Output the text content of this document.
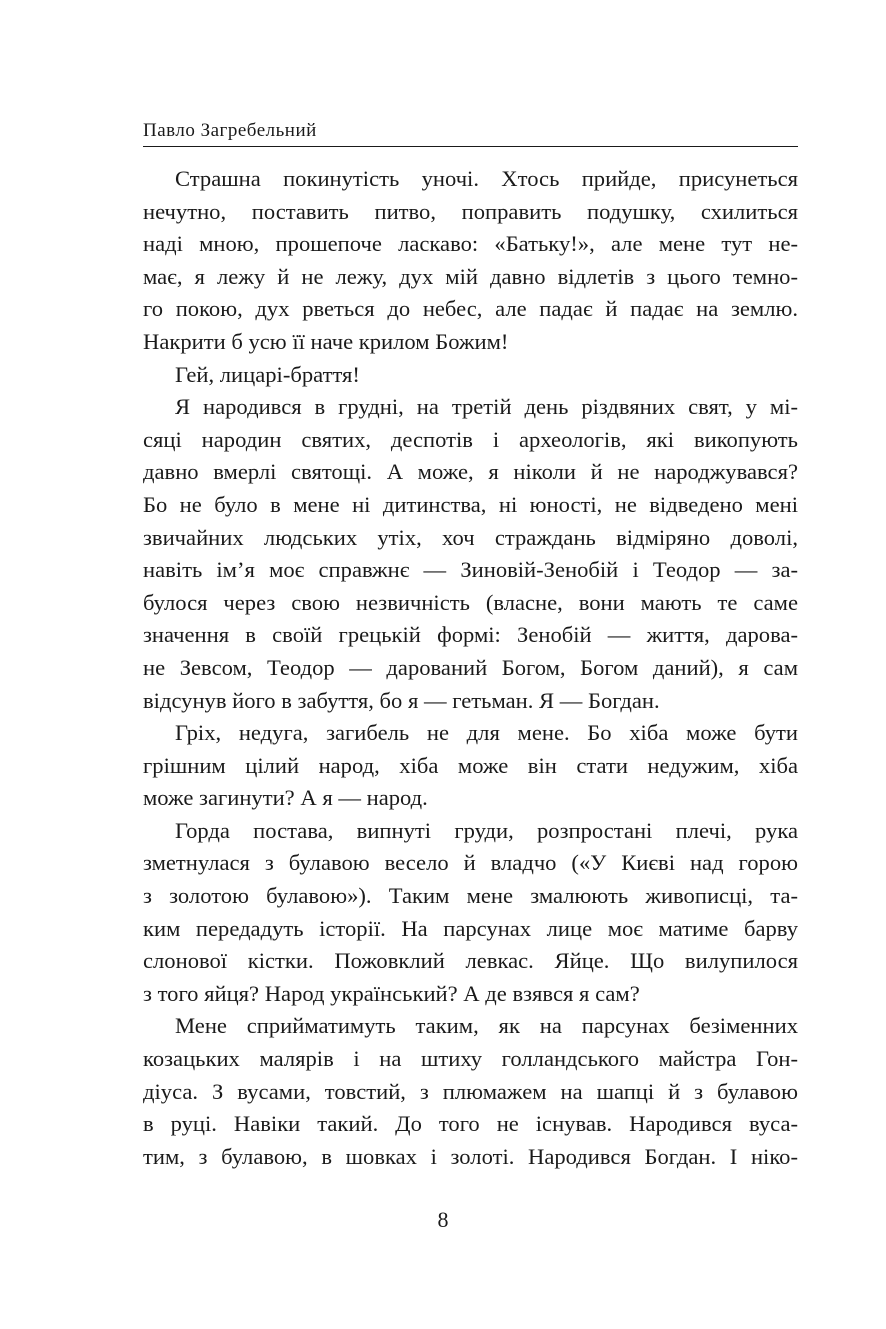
Павло Загребельний
Страшна покинутість уночі. Хтось прийде, присунеться
нечутно, поставить питво, поправить подушку, схилиться
наді мною, прошепоче ласкаво: «Батьку!», але мене тут не-
має, я лежу й не лежу, дух мій давно відлетів з цього темно-
го покою, дух рветься до небес, але падає й падає на землю.
Накрити б усю її наче крилом Божим!
Гей, лицарі-браття!
Я народився в грудні, на третій день різдвяних свят, у мі-
сяці народин святих, деспотів і археологів, які викопують
давно вмерлі святощі. А може, я ніколи й не народжувався?
Бо не було в мене ні дитинства, ні юності, не відведено мені
звичайних людських утіх, хоч страждань відміряно доволі,
навіть ім’я моє справжнє — Зиновій-Зенобій і Теодор — за-
булося через свою незвичність (власне, вони мають те саме
значення в своїй грецькій формі: Зенобій — життя, дарова-
не Зевсом, Теодор — дарований Богом, Богом даний), я сам
відсунув його в забуття, бо я — гетьман. Я — Богдан.
Гріх, недуга, загибель не для мене. Бо хіба може бути
грішним цілий народ, хіба може він стати недужим, хіба
може загинути? А я — народ.
Горда постава, випнуті груди, розпростані плечі, рука
зметнулася з булавою весело й владчо («У Києві над горою
з золотою булавою»). Таким мене змалюють живописці, та-
ким передадуть історії. На парсунах лице моє матиме барву
слонової кістки. Пожовклий левкас. Яйце. Що вилупилося
з того яйця? Народ український? А де взявся я сам?
Мене сприйматимуть таким, як на парсунах безіменних
козацьких малярів і на штиху голландського майстра Гон-
діуса. З вусами, товстий, з плюмажем на шапці й з булавою
в руці. Навіки такий. До того не існував. Народився вуса-
тим, з булавою, в шовках і золоті. Народився Богдан. І ніко-
8
